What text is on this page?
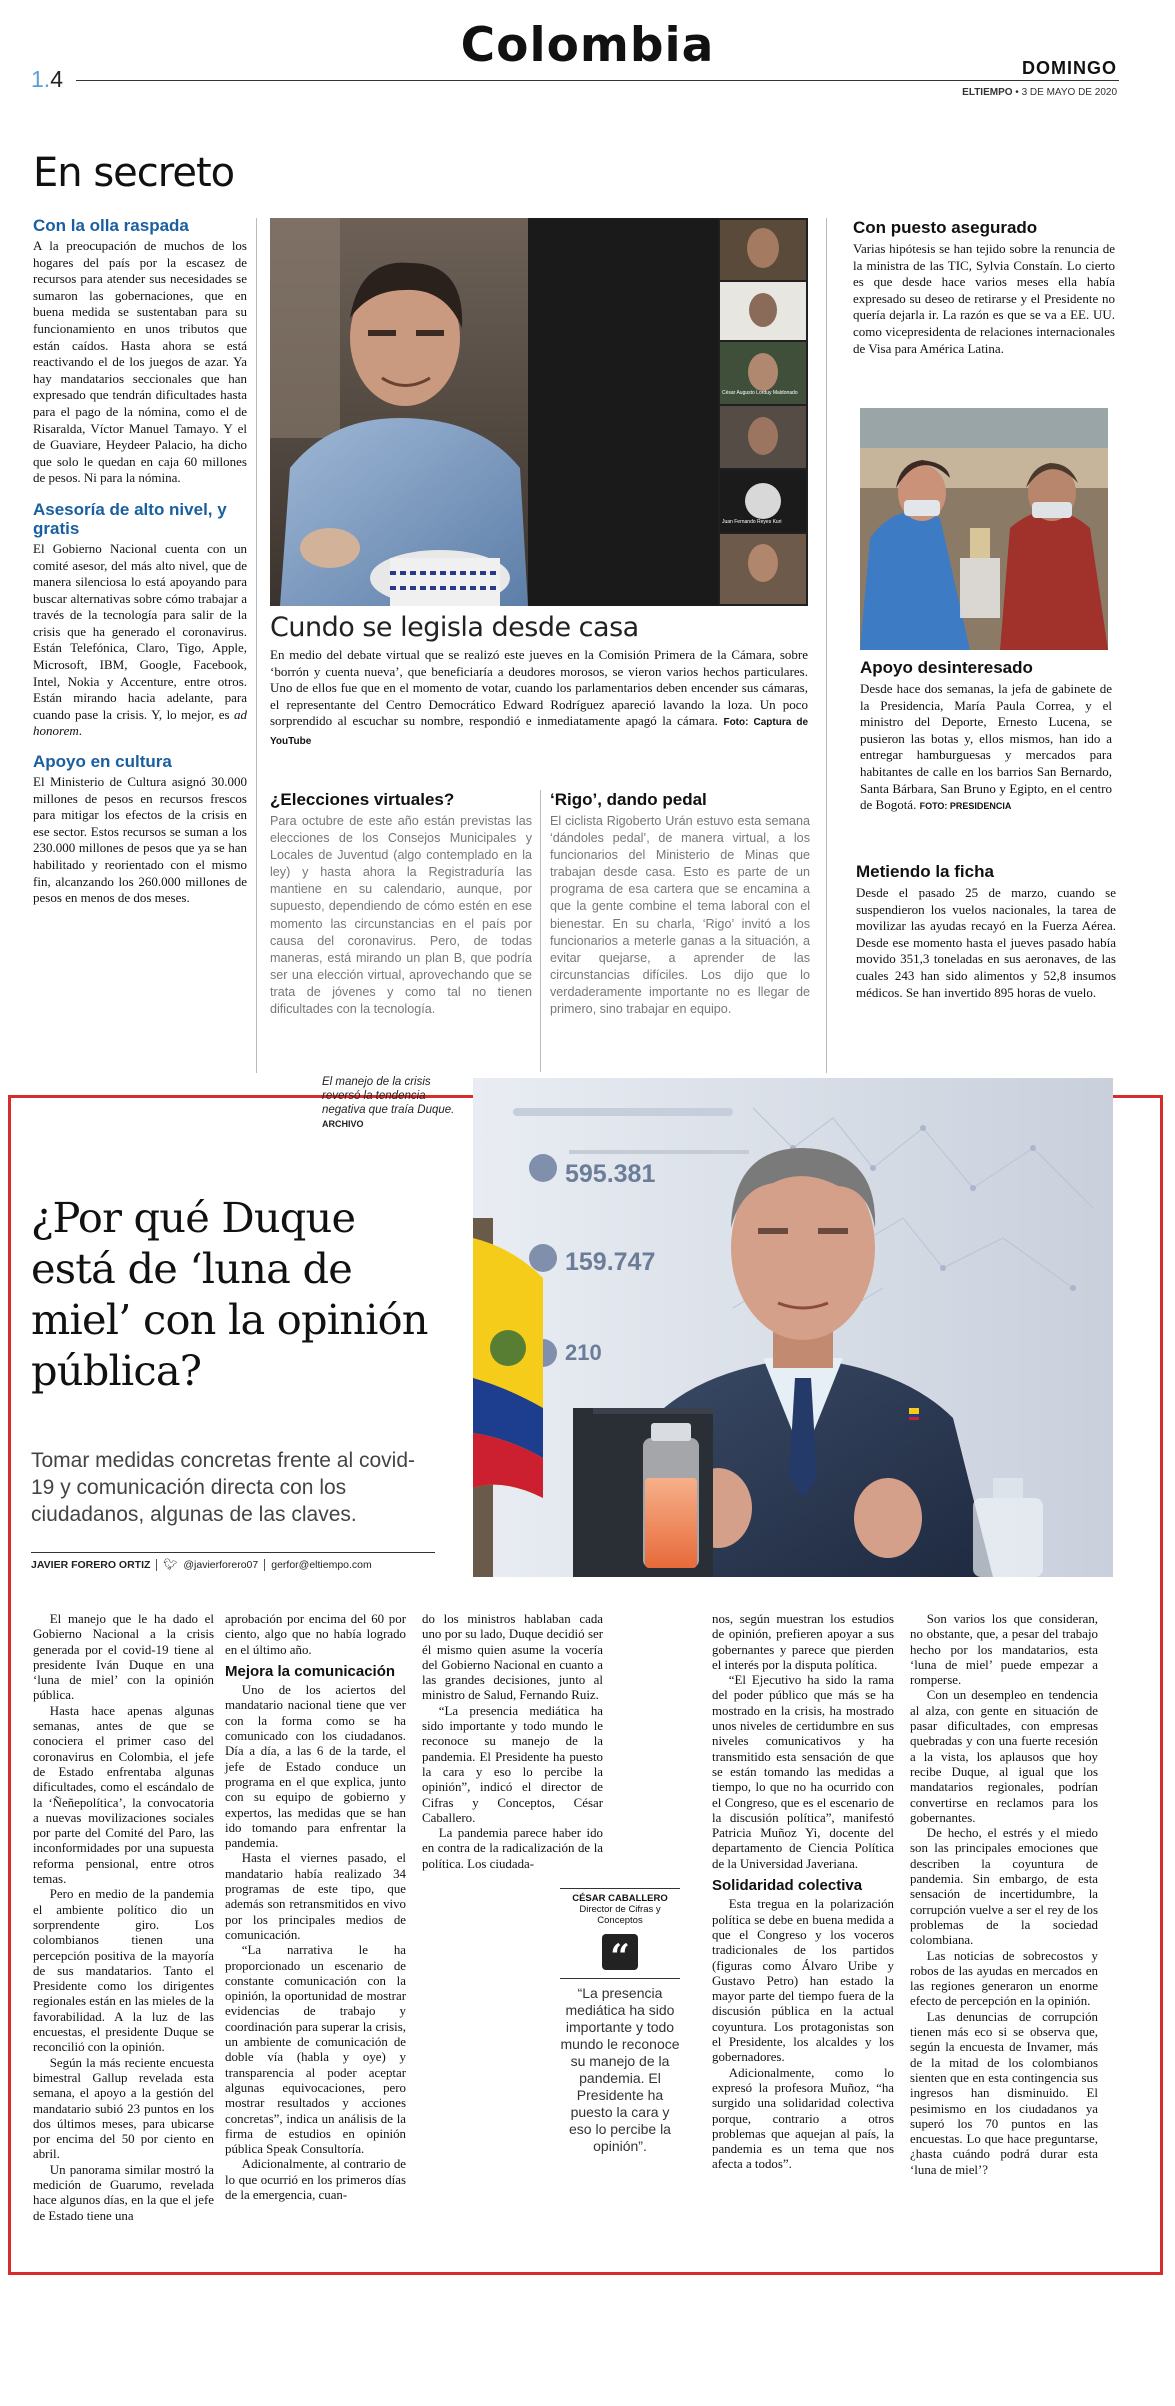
1.4
Colombia	DOMINGO
ELTIEMPO • 3 DE MAYO DE 2020
En secreto
Con la olla raspada

A la preocupación de muchos de los hogares del país por la escasez de recursos para atender sus necesidades se sumaron las gobernaciones, que en buena medida se sustentaban para su funcionamiento en unos tributos que están caídos. Hasta ahora se está reactivando el de los juegos de azar. Ya hay mandatarios seccionales que han expresado que tendrán dificultades hasta para el pago de la nómina, como el de Risaralda, Víctor Manuel Tamayo. Y el de Guaviare, Heydeer Palacio, ha dicho que solo le quedan en caja 60 millones de pesos. Ni para la nómina.

Asesoría de alto nivel, y gratis

El Gobierno Nacional cuenta con un comité asesor, del más alto nivel, que de manera silenciosa lo está apoyando para buscar alternativas sobre cómo trabajar a través de la tecnología para salir de la crisis que ha generado el coronavirus. Están Telefónica, Claro, Tigo, Apple, Microsoft, IBM, Google, Facebook, Intel, Nokia y Accenture, entre otros. Están mirando hacia adelante, para cuando pase la crisis. Y, lo mejor, es ad honorem.

Apoyo en cultura

El Ministerio de Cultura asignó 30.000 millones de pesos en recursos frescos para mitigar los efectos de la crisis en ese sector. Estos recursos se suman a los 230.000 millones de pesos que ya se han habilitado y reorientado con el mismo fin, alcanzando los 260.000 millones de pesos en menos de dos meses.

César Augusto Lorduy Maldonado
Juan Fernando Reyes Kuri
Cundo se legisla desde casa

En medio del debate virtual que se realizó este jueves en la Comisión Primera de la Cámara, sobre ‘borrón y cuenta nueva’, que beneficiaría a deudores morosos, se vieron varios hechos particulares. Uno de ellos fue que en el momento de votar, cuando los parlamentarios deben encender sus cámaras, el representante del Centro Democrático Edward Rodríguez apareció lavando la loza. Un poco sorprendido al escuchar su nombre, respondió e inmediatamente apagó la cámara. Foto: Captura de YouTube

¿Elecciones virtuales?

Para octubre de este año están previstas las elecciones de los Consejos Municipales y Locales de Juventud (algo contemplado en la ley) y hasta ahora la Registraduría las mantiene en su calendario, aunque, por supuesto, dependiendo de cómo estén en ese momento las circunstancias en el país por causa del coronavirus. Pero, de todas maneras, está mirando un plan B, que podría ser una elección virtual, aprovechando que se trata de jóvenes y como tal no tienen dificultades con la tecnología.

‘Rigo’, dando pedal

El ciclista Rigoberto Urán estuvo esta semana ‘dándoles pedal’, de manera virtual, a los funcionarios del Ministerio de Minas que trabajan desde casa. Esto es parte de un programa de esa cartera que se encamina a que la gente combine el tema laboral con el bienestar. En su charla, ‘Rigo’ invitó a los funcionarios a meterle ganas a la situación, a evitar quejarse, a aprender de las circunstancias difíciles. Los dijo que lo verdaderamente importante no es llegar de primero, sino trabajar en equipo.

Con puesto asegurado

Varias hipótesis se han tejido sobre la renuncia de la ministra de las TIC, Sylvia Constaín. Lo cierto es que desde hace varios meses ella había expresado su deseo de retirarse y el Presidente no quería dejarla ir. La razón es que se va a EE. UU. como vicepresidenta de relaciones internacionales de Visa para América Latina.

Apoyo desinteresado

Desde hace dos semanas, la jefa de gabinete de la Presidencia, María Paula Correa, y el ministro del Deporte, Ernesto Lucena, se pusieron las botas y, ellos mismos, han ido a entregar hamburguesas y mercados para habitantes de calle en los barrios San Bernardo, Santa Bárbara, San Bruno y Egipto, en el centro de Bogotá. FOTO: PRESIDENCIA

Metiendo la ficha

Desde el pasado 25 de marzo, cuando se suspendieron los vuelos nacionales, la tarea de movilizar las ayudas recayó en la Fuerza Aérea. Desde ese momento hasta el jueves pasado había movido 351,3 toneladas en sus aeronaves, de las cuales 243 han sido alimentos y 52,8 insumos médicos. Se han invertido 895 horas de vuelo.

El manejo de la crisis reversó la tendencia negativa que traía Duque. ARCHIVO
595.381
159.747
210
¿Por qué Duque está de ‘luna de miel’ con la opinión pública?
Tomar medidas concretas frente al covid-19 y comunicación directa con los ciudadanos, algunas de las claves.
JAVIER FORERO ORTIZ 🐦︎ @javierforero07 gerfor@eltiempo.com

El manejo que le ha dado el Gobierno Nacional a la crisis generada por el covid-19 tiene al presidente Iván Duque en una ‘luna de miel’ con la opinión pública.

Hasta hace apenas algunas semanas, antes de que se conociera el primer caso del coronavirus en Colombia, el jefe de Estado enfrentaba algunas dificultades, como el escándalo de la ‘Ñeñepolítica’, la convocatoria a nuevas movilizaciones sociales por parte del Comité del Paro, las inconformidades por una supuesta reforma pensional, entre otros temas.

Pero en medio de la pandemia el ambiente político dio un sorprendente giro. Los colombianos tienen una percepción positiva de la mayoría de sus mandatarios. Tanto el Presidente como los dirigentes regionales están en las mieles de la favorabilidad. A la luz de las encuestas, el presidente Duque se reconcilió con la opinión.

Según la más reciente encuesta bimestral Gallup revelada esta semana, el apoyo a la gestión del mandatario subió 23 puntos en los dos últimos meses, para ubicarse por encima del 50 por ciento en abril.

Un panorama similar mostró la medición de Guarumo, revelada hace algunos días, en la que el jefe de Estado tiene una

aprobación por encima del 60 por ciento, algo que no había logrado en el último año.

Mejora la comunicación

Uno de los aciertos del mandatario nacional tiene que ver con la forma como se ha comunicado con los ciudadanos. Día a día, a las 6 de la tarde, el jefe de Estado conduce un programa en el que explica, junto con su equipo de gobierno y expertos, las medidas que se han ido tomando para enfrentar la pandemia.

Hasta el viernes pasado, el mandatario había realizado 34 programas de este tipo, que además son retransmitidos en vivo por los principales medios de comunicación.

“La narrativa le ha proporcionado un escenario de constante comunicación con la opinión, la oportunidad de mostrar evidencias de trabajo y coordinación para superar la crisis, un ambiente de comunicación de doble vía (habla y oye) y transparencia al poder aceptar algunas equivocaciones, pero mostrar resultados y acciones concretas”, indica un análisis de la firma de estudios en opinión pública Speak Consultoría.

Adicionalmente, al contrario de lo que ocurrió en los primeros días de la emergencia, cuan-

do los ministros hablaban cada uno por su lado, Duque decidió ser él mismo quien asume la vocería del Gobierno Nacional en cuanto a las grandes decisiones, junto al ministro de Salud, Fernando Ruiz.

“La presencia mediática ha sido importante y todo mundo le reconoce su manejo de la pandemia. El Presidente ha puesto la cara y eso lo percibe la opinión”, indicó el director de Cifras y Conceptos, César Caballero.

La pandemia parece haber ido en contra de la radicalización de la política. Los ciudada-

CÉSAR CABALLERO
Director de Cifras y Conceptos
“
“La presencia mediática ha sido importante y todo mundo le reconoce su manejo de la pandemia. El Presidente ha puesto la cara y eso lo percibe la opinión”.

nos, según muestran los estudios de opinión, prefieren apoyar a sus gobernantes y parece que pierden el interés por la disputa política.

“El Ejecutivo ha sido la rama del poder público que más se ha mostrado en la crisis, ha mostrado unos niveles de certidumbre en sus niveles comunicativos y ha transmitido esta sensación de que se están tomando las medidas a tiempo, lo que no ha ocurrido con el Congreso, que es el escenario de la discusión política”, manifestó Patricia Muñoz Yi, docente del departamento de Ciencia Política de la Universidad Javeriana.

Solidaridad colectiva

Esta tregua en la polarización política se debe en buena medida a que el Congreso y los voceros tradicionales de los partidos (figuras como Álvaro Uribe y Gustavo Petro) han estado la mayor parte del tiempo fuera de la discusión pública en la actual coyuntura. Los protagonistas son el Presidente, los alcaldes y los gobernadores.

Adicionalmente, como lo expresó la profesora Muñoz, “ha surgido una solidaridad colectiva porque, contrario a otros problemas que aquejan al país, la pandemia es un tema que nos afecta a todos”.

Son varios los que consideran, no obstante, que, a pesar del trabajo hecho por los mandatarios, esta ‘luna de miel’ puede empezar a romperse.

Con un desempleo en tendencia al alza, con gente en situación de pasar dificultades, con empresas quebradas y con una fuerte recesión a la vista, los aplausos que hoy recibe Duque, al igual que los mandatarios regionales, podrían convertirse en reclamos para los gobernantes.

De hecho, el estrés y el miedo son las principales emociones que describen la coyuntura de pandemia. Sin embargo, de esta sensación de incertidumbre, la corrupción vuelve a ser el rey de los problemas de la sociedad colombiana.

Las noticias de sobrecostos y robos de las ayudas en mercados en las regiones generaron un enorme efecto de percepción en la opinión.

Las denuncias de corrupción tienen más eco si se observa que, según la encuesta de Invamer, más de la mitad de los colombianos sienten que en esta contingencia sus ingresos han disminuido. El pesimismo en los ciudadanos ya superó los 70 puntos en las encuestas. Lo que hace preguntarse, ¿hasta cuándo podrá durar esta ‘luna de miel’?
